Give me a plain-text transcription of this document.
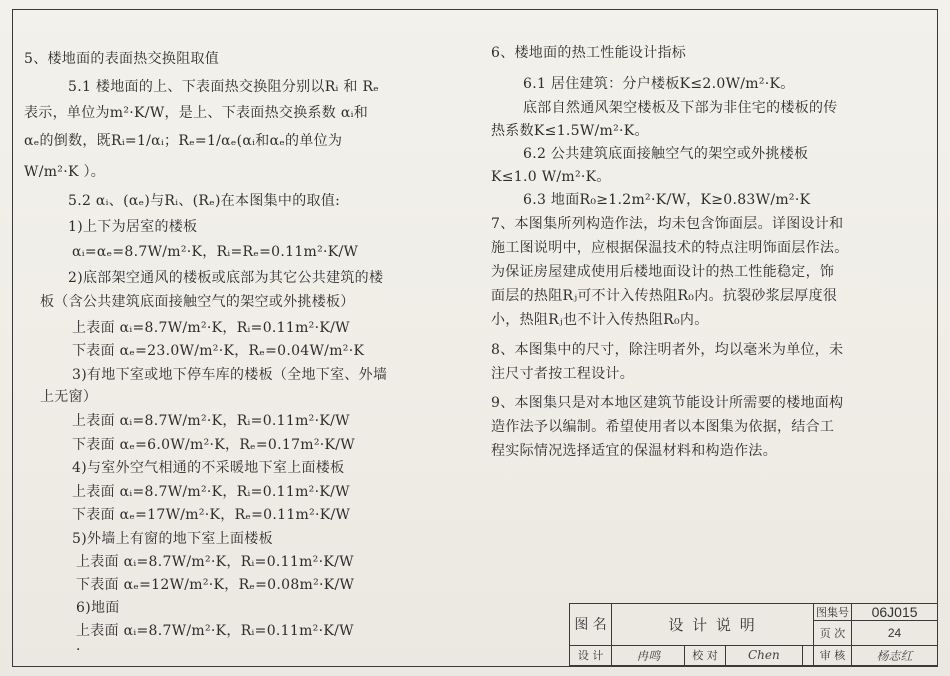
5、楼地面的表面热交换阻取值
5.1 楼地面的上、下表面热交换阻分别以Rᵢ 和 Rₑ
表示，单位为m²·K/W，是上、下表面热交换系数 αᵢ和
αₑ的倒数，既Rᵢ=1/αᵢ；Rₑ=1/αₑ(αᵢ和αₑ的单位为
W/m²·K ）。
5.2 αᵢ、(αₑ)与Rᵢ、(Rₑ)在本图集中的取值:
1)上下为居室的楼板
αᵢ=αₑ=8.7W/m²·K，Rᵢ=Rₑ=0.11m²·K/W
2)底部架空通风的楼板或底部为其它公共建筑的楼
板（含公共建筑底面接触空气的架空或外挑楼板）
上表面 αᵢ=8.7W/m²·K，Rᵢ=0.11m²·K/W
下表面 αₑ=23.0W/m²·K，Rₑ=0.04W/m²·K
3)有地下室或地下停车库的楼板（全地下室、外墙
上无窗）
上表面 αᵢ=8.7W/m²·K，Rᵢ=0.11m²·K/W
下表面 αₑ=6.0W/m²·K，Rₑ=0.17m²·K/W
4)与室外空气相通的不采暖地下室上面楼板
上表面 αᵢ=8.7W/m²·K，Rᵢ=0.11m²·K/W
下表面 αₑ=17W/m²·K，Rₑ=0.11m²·K/W
5)外墙上有窗的地下室上面楼板
上表面 αᵢ=8.7W/m²·K，Rᵢ=0.11m²·K/W
下表面 αₑ=12W/m²·K，Rₑ=0.08m²·K/W
6)地面
上表面 αᵢ=8.7W/m²·K，Rᵢ=0.11m²·K/W
·
6、楼地面的热工性能设计指标
6.1 居住建筑：分户楼板K≤2.0W/m²·K。
底部自然通风架空楼板及下部为非住宅的楼板的传
热系数K≤1.5W/m²·K。
6.2 公共建筑底面接触空气的架空或外挑楼板
K≤1.0 W/m²·K。
6.3 地面R₀≥1.2m²·K/W，K≥0.83W/m²·K
7、本图集所列构造作法，均未包含饰面层。详图设计和
施工图说明中，应根据保温技术的特点注明饰面层作法。
为保证房屋建成使用后楼地面设计的热工性能稳定，饰
面层的热阻Rⱼ可不计入传热阻R₀内。抗裂砂浆层厚度很
小，热阻Rⱼ也不计入传热阻R₀内。
8、本图集中的尺寸，除注明者外，均以毫米为单位，未
注尺寸者按工程设计。
9、本图集只是对本地区建筑节能设计所需要的楼地面构
造作法予以编制。希望使用者以本图集为依据，结合工
程实际情况选择适宜的保温材料和构造作法。
图 名	设 计 说 明				图集号	06J015
					页 次	24
设 计	冉鸣	校 对	Chen		审 核	杨志红
